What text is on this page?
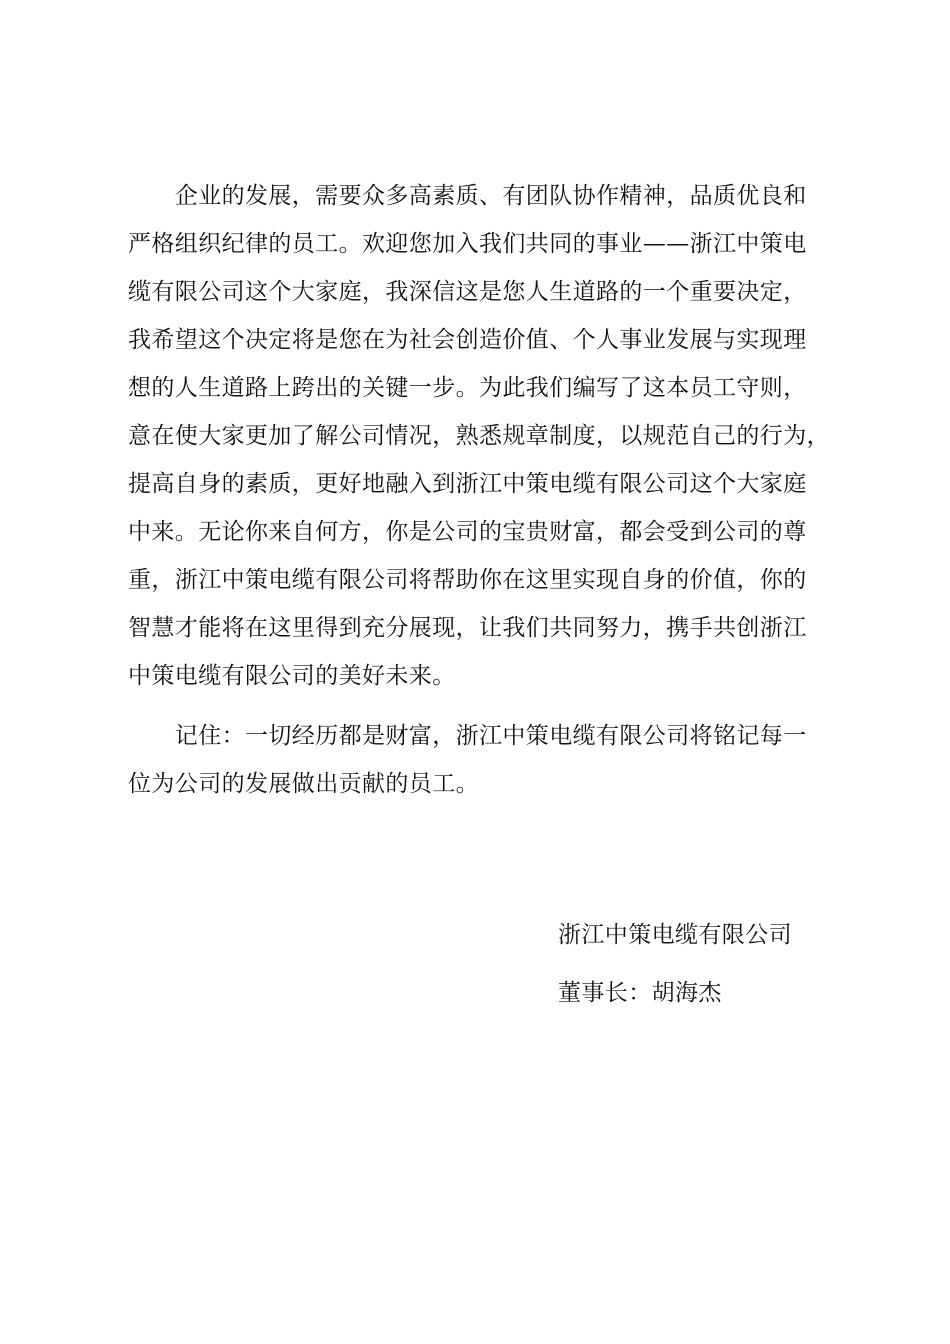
　　企业的发展，需要众多高素质、有团队协作精神，品质优良和
严格组织纪律的员工。欢迎您加入我们共同的事业——浙江中策电
缆有限公司这个大家庭，我深信这是您人生道路的一个重要决定，
我希望这个决定将是您在为社会创造价值、个人事业发展与实现理
想的人生道路上跨出的关键一步。为此我们编写了这本员工守则，
意在使大家更加了解公司情况，熟悉规章制度，以规范自己的行为，
提高自身的素质，更好地融入到浙江中策电缆有限公司这个大家庭
中来。无论你来自何方，你是公司的宝贵财富，都会受到公司的尊
重，浙江中策电缆有限公司将帮助你在这里实现自身的价值，你的
智慧才能将在这里得到充分展现，让我们共同努力，携手共创浙江
中策电缆有限公司的美好未来。
　　记住：一切经历都是财富，浙江中策电缆有限公司将铭记每一
位为公司的发展做出贡献的员工。
浙江中策电缆有限公司
董事长：胡海杰
